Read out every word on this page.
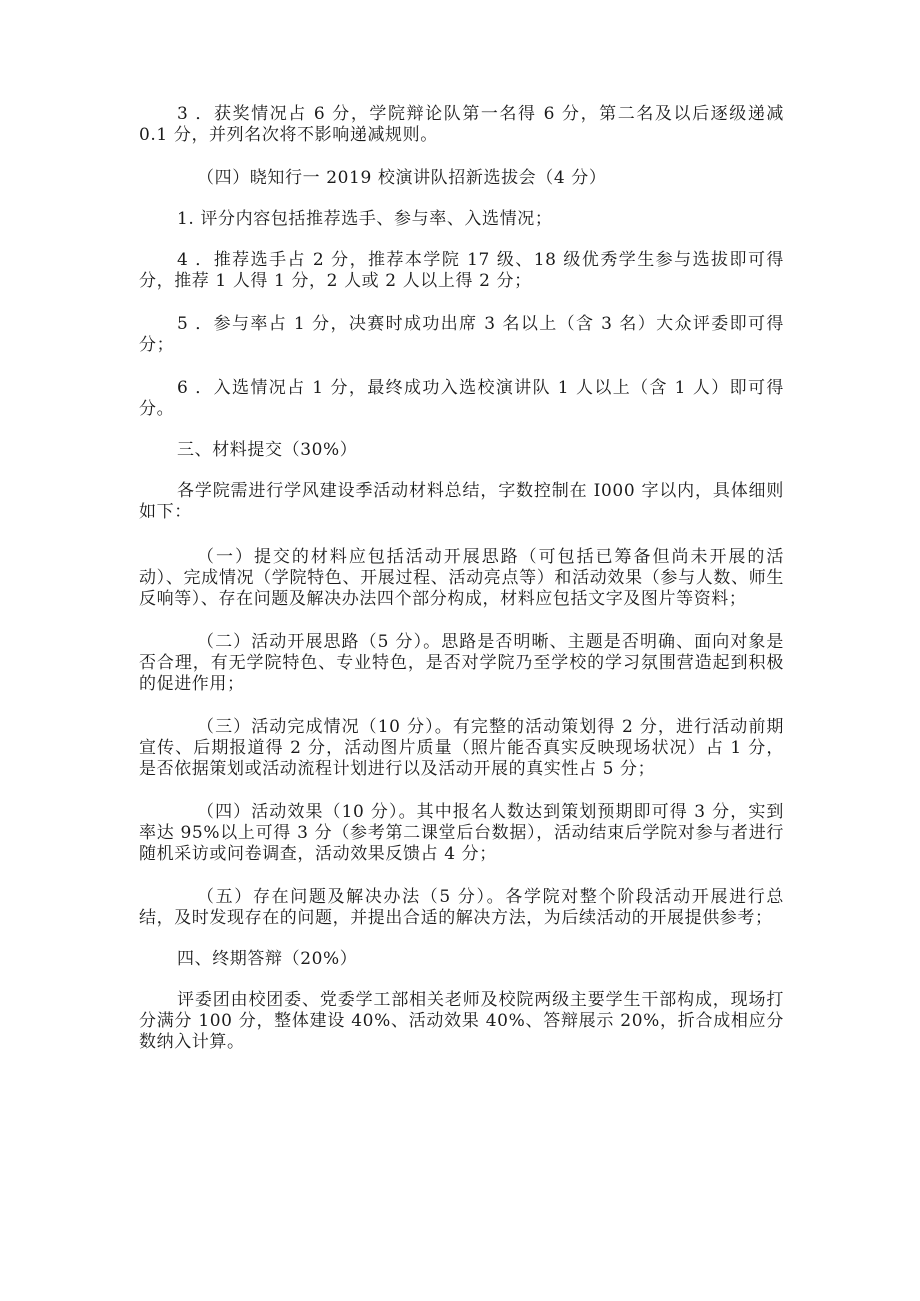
3 ．获奖情况占 6 分，学院辩论队第一名得 6 分，第二名及以后逐级递减 0.1 分，并列名次将不影响递减规则。

（四）晓知行一 2019 校演讲队招新选拔会（4 分）

1. 评分内容包括推荐选手、参与率、入选情况；

4 ．推荐选手占 2 分，推荐本学院 17 级、18 级优秀学生参与选拔即可得分，推荐 1 人得 1 分，2 人或 2 人以上得 2 分；

5 ．参与率占 1 分，决赛时成功出席 3 名以上（含 3 名）大众评委即可得分；

6 ．入选情况占 1 分，最终成功入选校演讲队 1 人以上（含 1 人）即可得分。

三、材料提交（30%）

各学院需进行学风建设季活动材料总结，字数控制在 I000 字以内，具体细则如下：

（一）提交的材料应包括活动开展思路（可包括已筹备但尚未开展的活动）、完成情况（学院特色、开展过程、活动亮点等）和活动效果（参与人数、师生反响等）、存在问题及解决办法四个部分构成，材料应包括文字及图片等资料；

（二）活动开展思路（5 分）。思路是否明晰、主题是否明确、面向对象是否合理，有无学院特色、专业特色，是否对学院乃至学校的学习氛围营造起到积极的促进作用；

（三）活动完成情况（10 分）。有完整的活动策划得 2 分，进行活动前期宣传、后期报道得 2 分，活动图片质量（照片能否真实反映现场状况）占 1 分，是否依据策划或活动流程计划进行以及活动开展的真实性占 5 分；

（四）活动效果（10 分）。其中报名人数达到策划预期即可得 3 分，实到率达 95%以上可得 3 分（参考第二课堂后台数据），活动结束后学院对参与者进行随机采访或问卷调查，活动效果反馈占 4 分；

（五）存在问题及解决办法（5 分）。各学院对整个阶段活动开展进行总结，及时发现存在的问题，并提出合适的解决方法，为后续活动的开展提供参考；

四、终期答辩（20%）

评委团由校团委、党委学工部相关老师及校院两级主要学生干部构成，现场打分满分 100 分，整体建设 40%、活动效果 40%、答辩展示 20%，折合成相应分数纳入计算。
